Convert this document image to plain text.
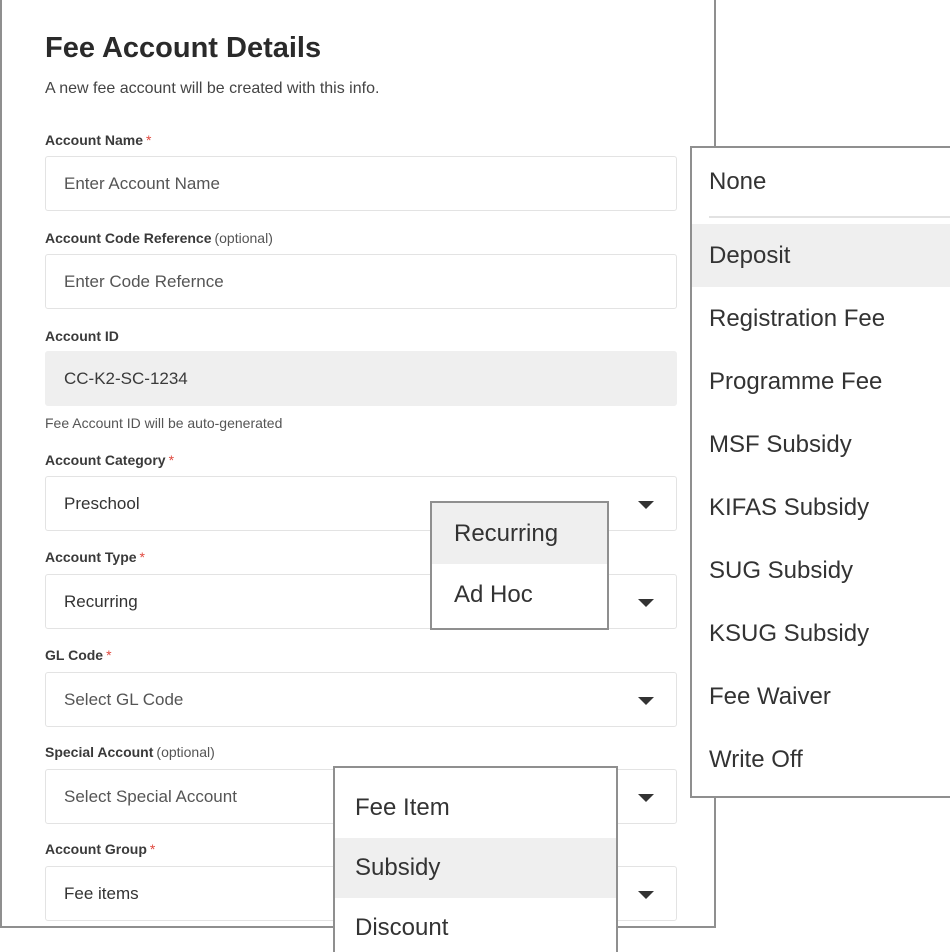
Fee Account Details
A new fee account will be created with this info.
Account Name *
Enter Account Name
Account Code Reference (optional)
Enter Code Refernce
Account ID
CC-K2-SC-1234
Fee Account ID will be auto-generated
Account Category *
Preschool
Account Type *
Recurring
GL Code *
Select GL Code
Special Account (optional)
Select Special Account
Account Group *
Fee items
Recurring
Ad Hoc
Fee Item
Subsidy
Discount
None
Deposit
Registration Fee
Programme Fee
MSF Subsidy
KIFAS Subsidy
SUG Subsidy
KSUG Subsidy
Fee Waiver
Write Off
